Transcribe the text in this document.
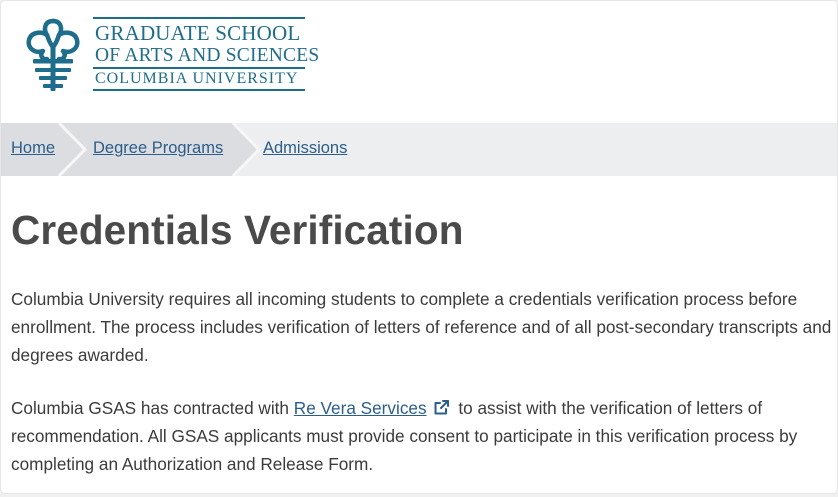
GRADUATE SCHOOL
OF ARTS AND SCIENCES
COLUMBIA UNIVERSITY
Home Degree Programs Admissions
Credentials Verification

Columbia University requires all incoming students to complete a credentials verification process before enrollment. The process includes verification of letters of reference and of all post-secondary transcripts and degrees awarded.

Columbia GSAS has contracted with Re Vera Services to assist with the verification of letters of recommendation. All GSAS applicants must provide consent to participate in this verification process by completing an Authorization and Release Form.
